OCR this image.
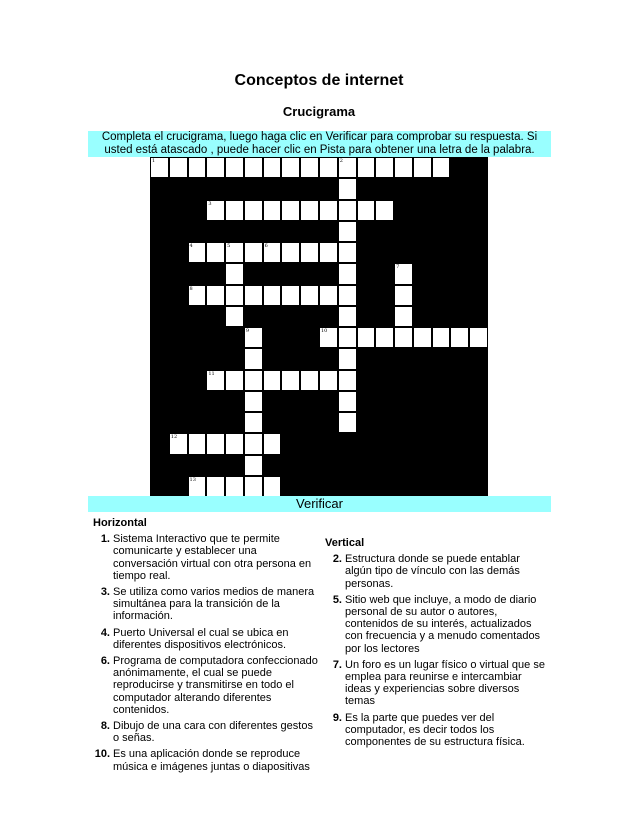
Conceptos de internet
Crucigrama
Completa el crucigrama, luego haga clic en Verificar para comprobar su respuesta. Si usted está atascado , puede hacer clic en Pista para obtener una letra de la palabra.
1	2
3
4	5	6
7
8
9	10
11
12
13
Verificar
Horizontal
1. Sistema Interactivo que te permite comunicarte y establecer una conversación virtual con otra persona en tiempo real.
3. Se utiliza como varios medios de manera simultánea para la transición de la información.
4. Puerto Universal el cual se ubica en diferentes dispositivos electrónicos.
6. Programa de computadora confeccionado anónimamente, el cual se puede reproducirse y transmitirse en todo el computador alterando diferentes contenidos.
8. Dibujo de una cara con diferentes gestos o señas.
10. Es una aplicación donde se reproduce música e imágenes juntas o diapositivas
Vertical
2. Estructura donde se puede entablar algún tipo de vínculo con las demás personas.
5. Sitio web que incluye, a modo de diario personal de su autor o autores, contenidos de su interés, actualizados con frecuencia y a menudo comentados por los lectores
7. Un foro es un lugar físico o virtual que se emplea para reunirse e intercambiar ideas y experiencias sobre diversos temas
9. Es la parte que puedes ver del computador, es decir todos los componentes de su estructura física.
